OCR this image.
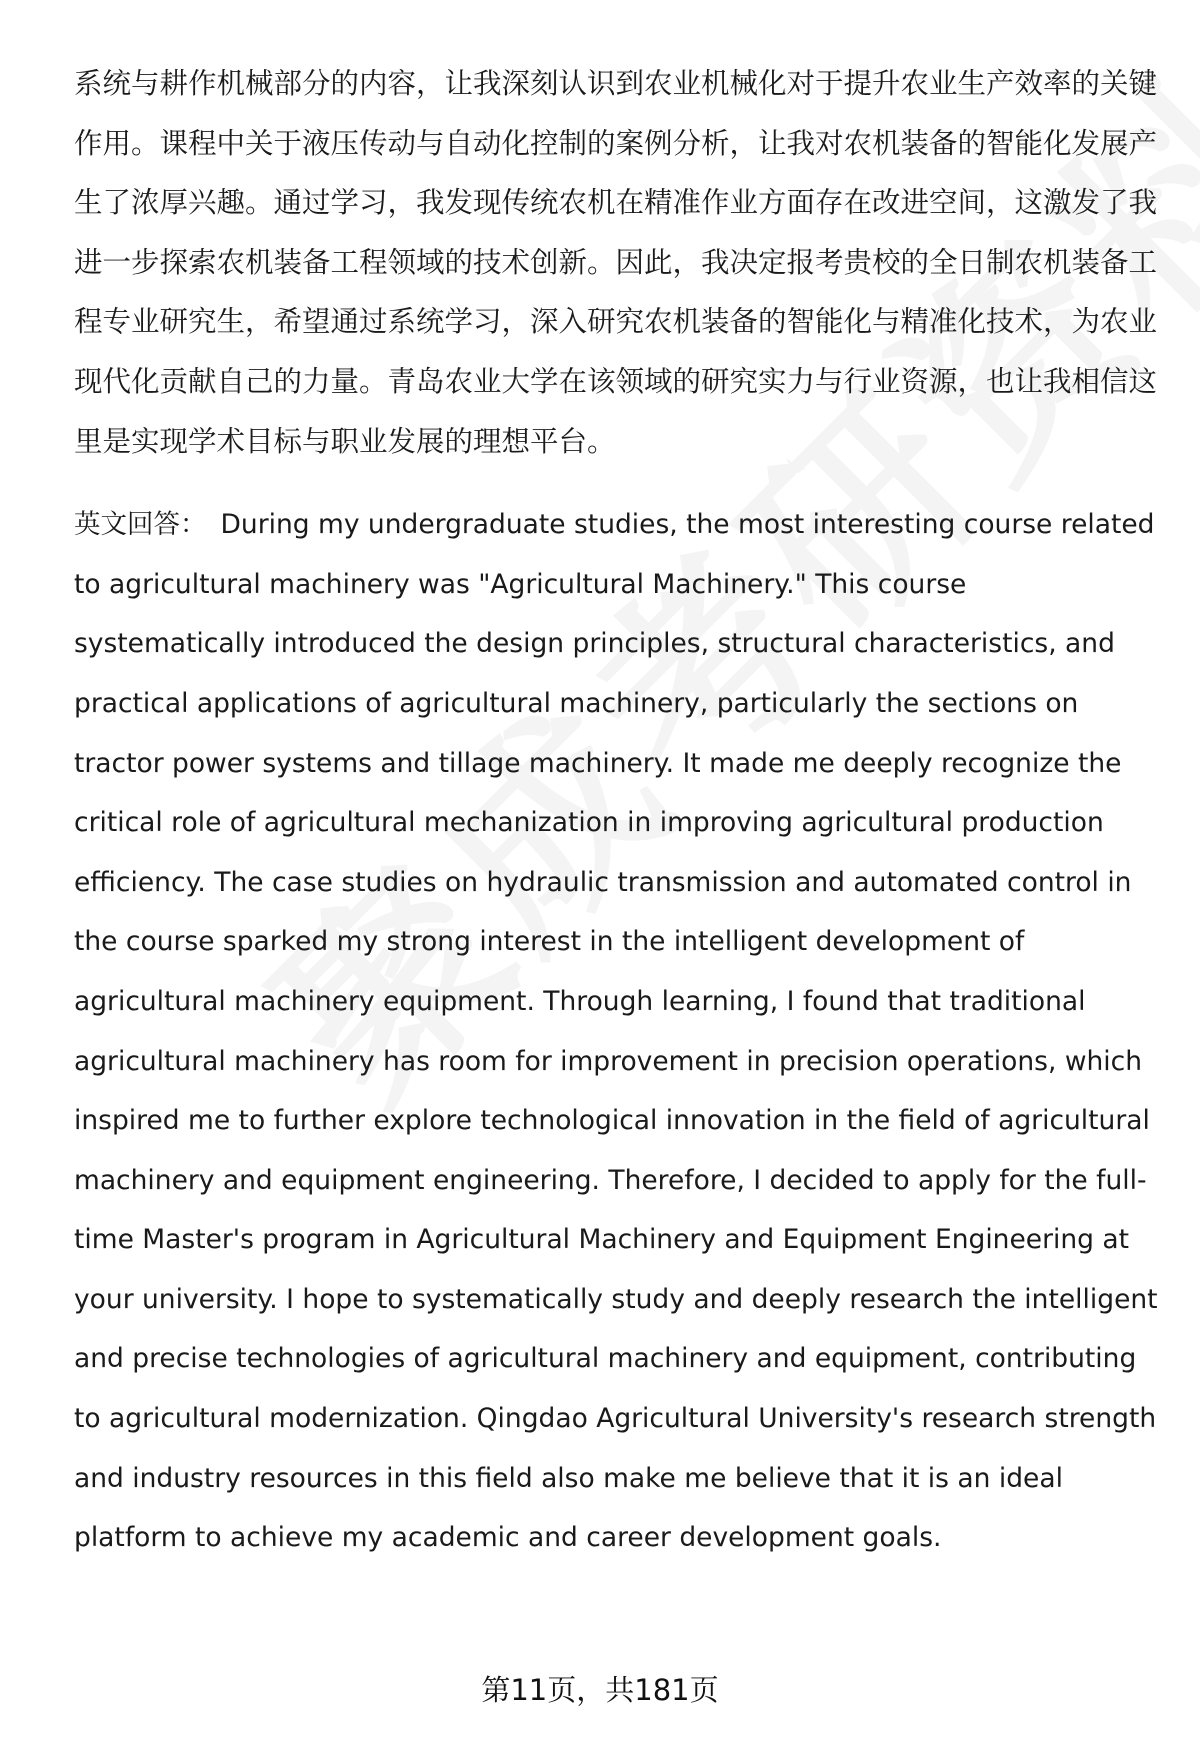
系统与耕作机械部分的内容，让我深刻认识到农业机械化对于提升农业生产效率的关键作用。课程中关于液压传动与自动化控制的案例分析，让我对农机装备的智能化发展产生了浓厚兴趣。通过学习，我发现传统农机在精准作业方面存在改进空间，这激发了我进一步探索农机装备工程领域的技术创新。因此，我决定报考贵校的全日制农机装备工程专业研究生，希望通过系统学习，深入研究农机装备的智能化与精准化技术，为农业现代化贡献自己的力量。青岛农业大学在该领域的研究实力与行业资源，也让我相信这里是实现学术目标与职业发展的理想平台。

英文回答： During my undergraduate studies, the most interesting course related to agricultural machinery was "Agricultural Machinery." This course systematically introduced the design principles, structural characteristics, and practical applications of agricultural machinery, particularly the sections on tractor power systems and tillage machinery. It made me deeply recognize the critical role of agricultural mechanization in improving agricultural production efficiency. The case studies on hydraulic transmission and automated control in the course sparked my strong interest in the intelligent development of agricultural machinery equipment. Through learning, I found that traditional agricultural machinery has room for improvement in precision operations, which inspired me to further explore technological innovation in the field of agricultural machinery and equipment engineering. Therefore, I decided to apply for the full-time Master's program in Agricultural Machinery and Equipment Engineering at your university. I hope to systematically study and deeply research the intelligent and precise technologies of agricultural machinery and equipment, contributing to agricultural modernization. Qingdao Agricultural University's research strength and industry resources in this field also make me believe that it is an ideal platform to achieve my academic and career development goals.

第11页，共181页
